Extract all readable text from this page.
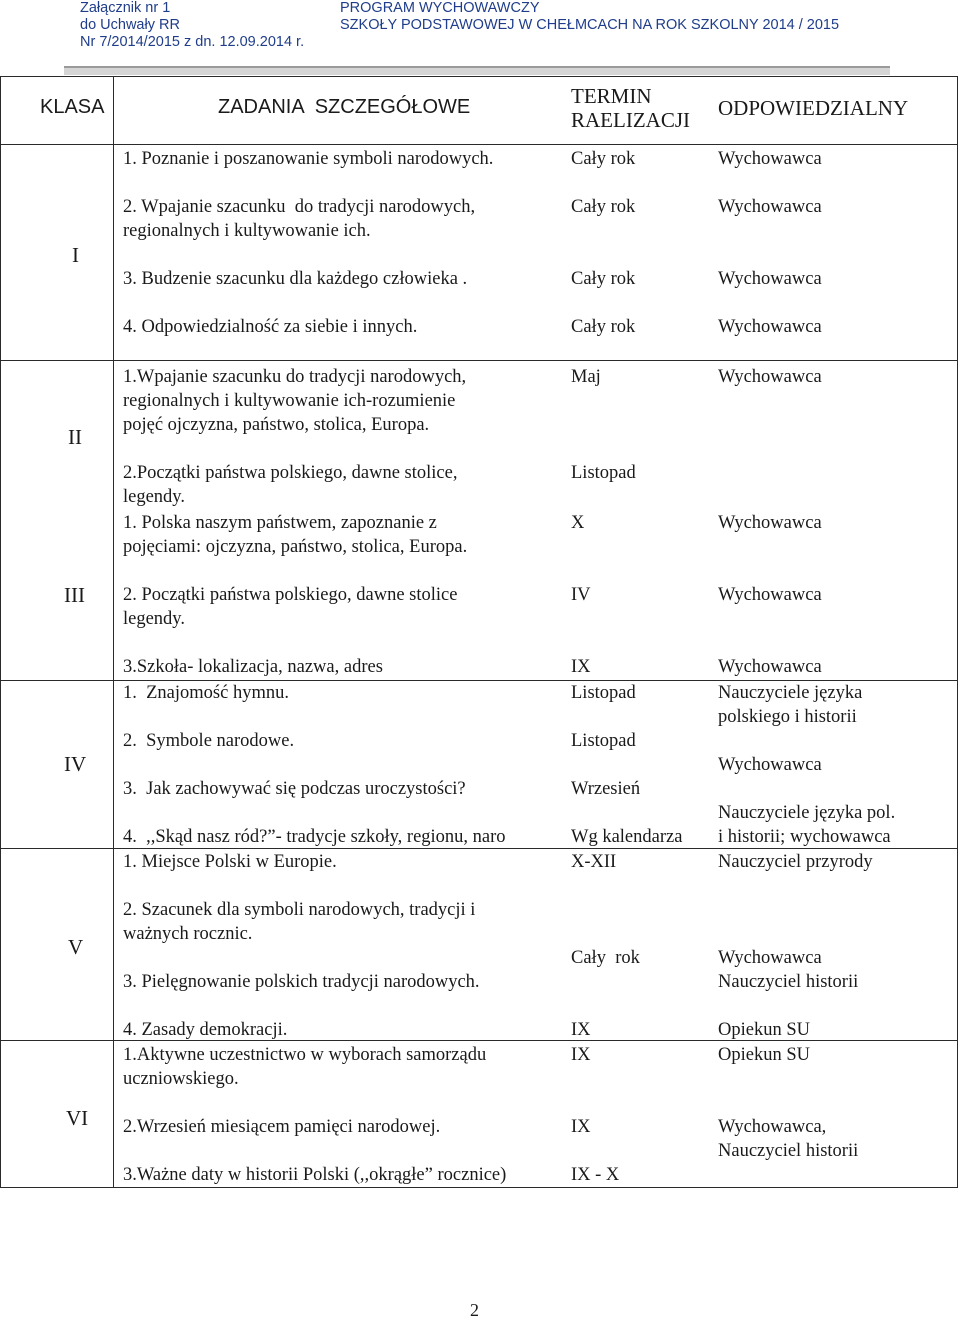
Załącznik nr 1
do Uchwały RR
Nr 7/2014/2015 z dn. 12.09.2014 r.
PROGRAM WYCHOWAWCZY
SZKOŁY PODSTAWOWEJ W CHEŁMCACH NA ROK SZKOLNY 2014 / 2015
KLASA	ZADANIA  SZCZEGÓŁOWE	TERMIN
RAELIZACJI ODPOWIEDZIALNY
I
1. Poznanie i poszanowanie symboli narodowych.
2. Wpajanie szacunku  do tradycji narodowych,
regionalnych i kultywowanie ich.
3. Budzenie szacunku dla każdego człowieka .
4. Odpowiedzialność za siebie i innych.
Cały rok
Cały rok
Cały rok
Cały rok
Wychowawca
Wychowawca
Wychowawca
Wychowawca
II
1.Wpajanie szacunku do tradycji narodowych,
regionalnych i kultywowanie ich-rozumienie
pojęć ojczyzna, państwo, stolica, Europa.
2.Początki państwa polskiego, dawne stolice,
legendy.
Maj
Listopad
Wychowawca
III
1. Polska naszym państwem, zapoznanie z
pojęciami: ojczyzna, państwo, stolica, Europa.
2. Początki państwa polskiego, dawne stolice
legendy.
3.Szkoła- lokalizacja, nazwa, adres
X
IV
IX
Wychowawca
Wychowawca
Wychowawca
IV
1.  Znajomość hymnu.
2.  Symbole narodowe.
3.  Jak zachowywać się podczas uroczystości?
4.  ,,Skąd nasz ród?”- tradycje szkoły, regionu, naro
Listopad
Listopad
Wrzesień
Wg kalendarza
Nauczyciele języka
polskiego i historii
Wychowawca
Nauczyciele języka pol.
i historii; wychowawca
V
1. Miejsce Polski w Europie.
2. Szacunek dla symboli narodowych, tradycji i
ważnych rocznic.
3. Pielęgnowanie polskich tradycji narodowych.
4. Zasady demokracji.
X-XII
Cały  rok
IX
Nauczyciel przyrody
Wychowawca
Nauczyciel historii
Opiekun SU
VI
1.Aktywne uczestnictwo w wyborach samorządu
uczniowskiego.
2.Wrzesień miesiącem pamięci narodowej.
3.Ważne daty w historii Polski (,,okrągłe” rocznice)
IX
IX
IX - X
Opiekun SU
Wychowawca,
Nauczyciel historii
2
